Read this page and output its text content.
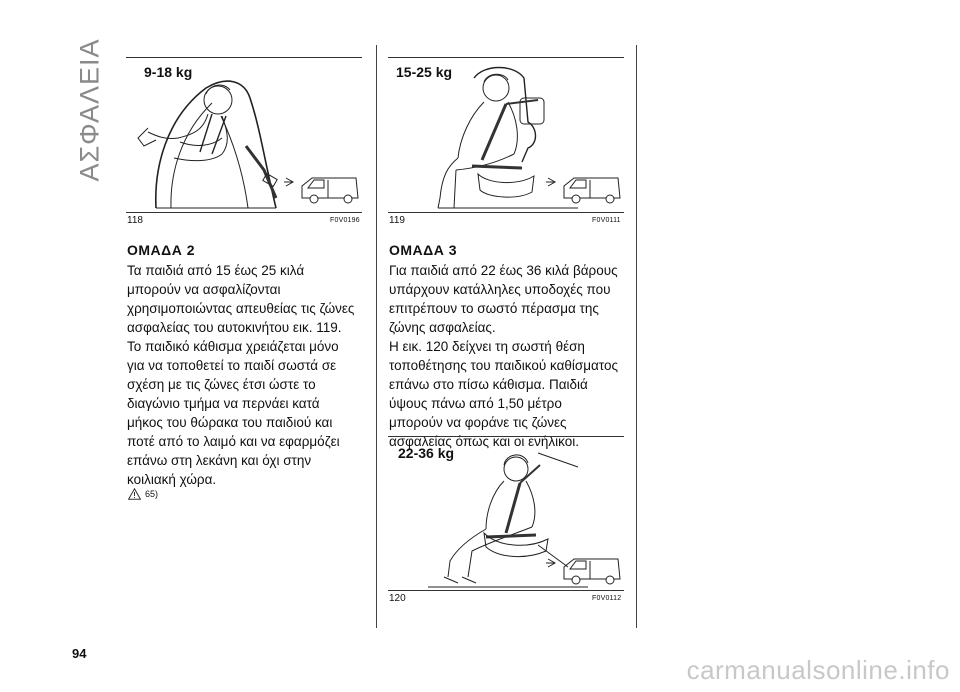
ΑΣΦΑΛΕΙΑ	9-18 kg
118	F0V0196
15-25 kg
119	F0V0111
ΟΜΑΔΑ 2
Τα παιδιά από 15 έως 25 κιλά
μπορούν να ασφαλίζονται
χρησιμοποιώντας απευθείας τις ζώνες
ασφαλείας του αυτοκινήτου εικ. 119.
Το παιδικό κάθισμα χρειάζεται μόνο
για να τοποθετεί το παιδί σωστά σε
σχέση με τις ζώνες έτσι ώστε το
διαγώνιο τμήμα να περνάει κατά
μήκος του θώρακα του παιδιού και
ποτέ από το λαιμό και να εφαρμόζει
επάνω στη λεκάνη και όχι στην
κοιλιακή χώρα.
65)
ΟΜΑΔΑ 3
Για παιδιά από 22 έως 36 κιλά βάρους
υπάρχουν κατάλληλες υποδοχές που
επιτρέπουν το σωστό πέρασμα της
ζώνης ασφαλείας.
Η εικ. 120 δείχνει τη σωστή θέση
τοποθέτησης του παιδικού καθίσματος
επάνω στο πίσω κάθισμα. Παιδιά
ύψους πάνω από 1,50 μέτρο
μπορούν να φοράνε τις ζώνες
ασφαλείας όπως και οι ενήλικοι.
22-36 kg
120	F0V0112
94
carmanualsonline.info
